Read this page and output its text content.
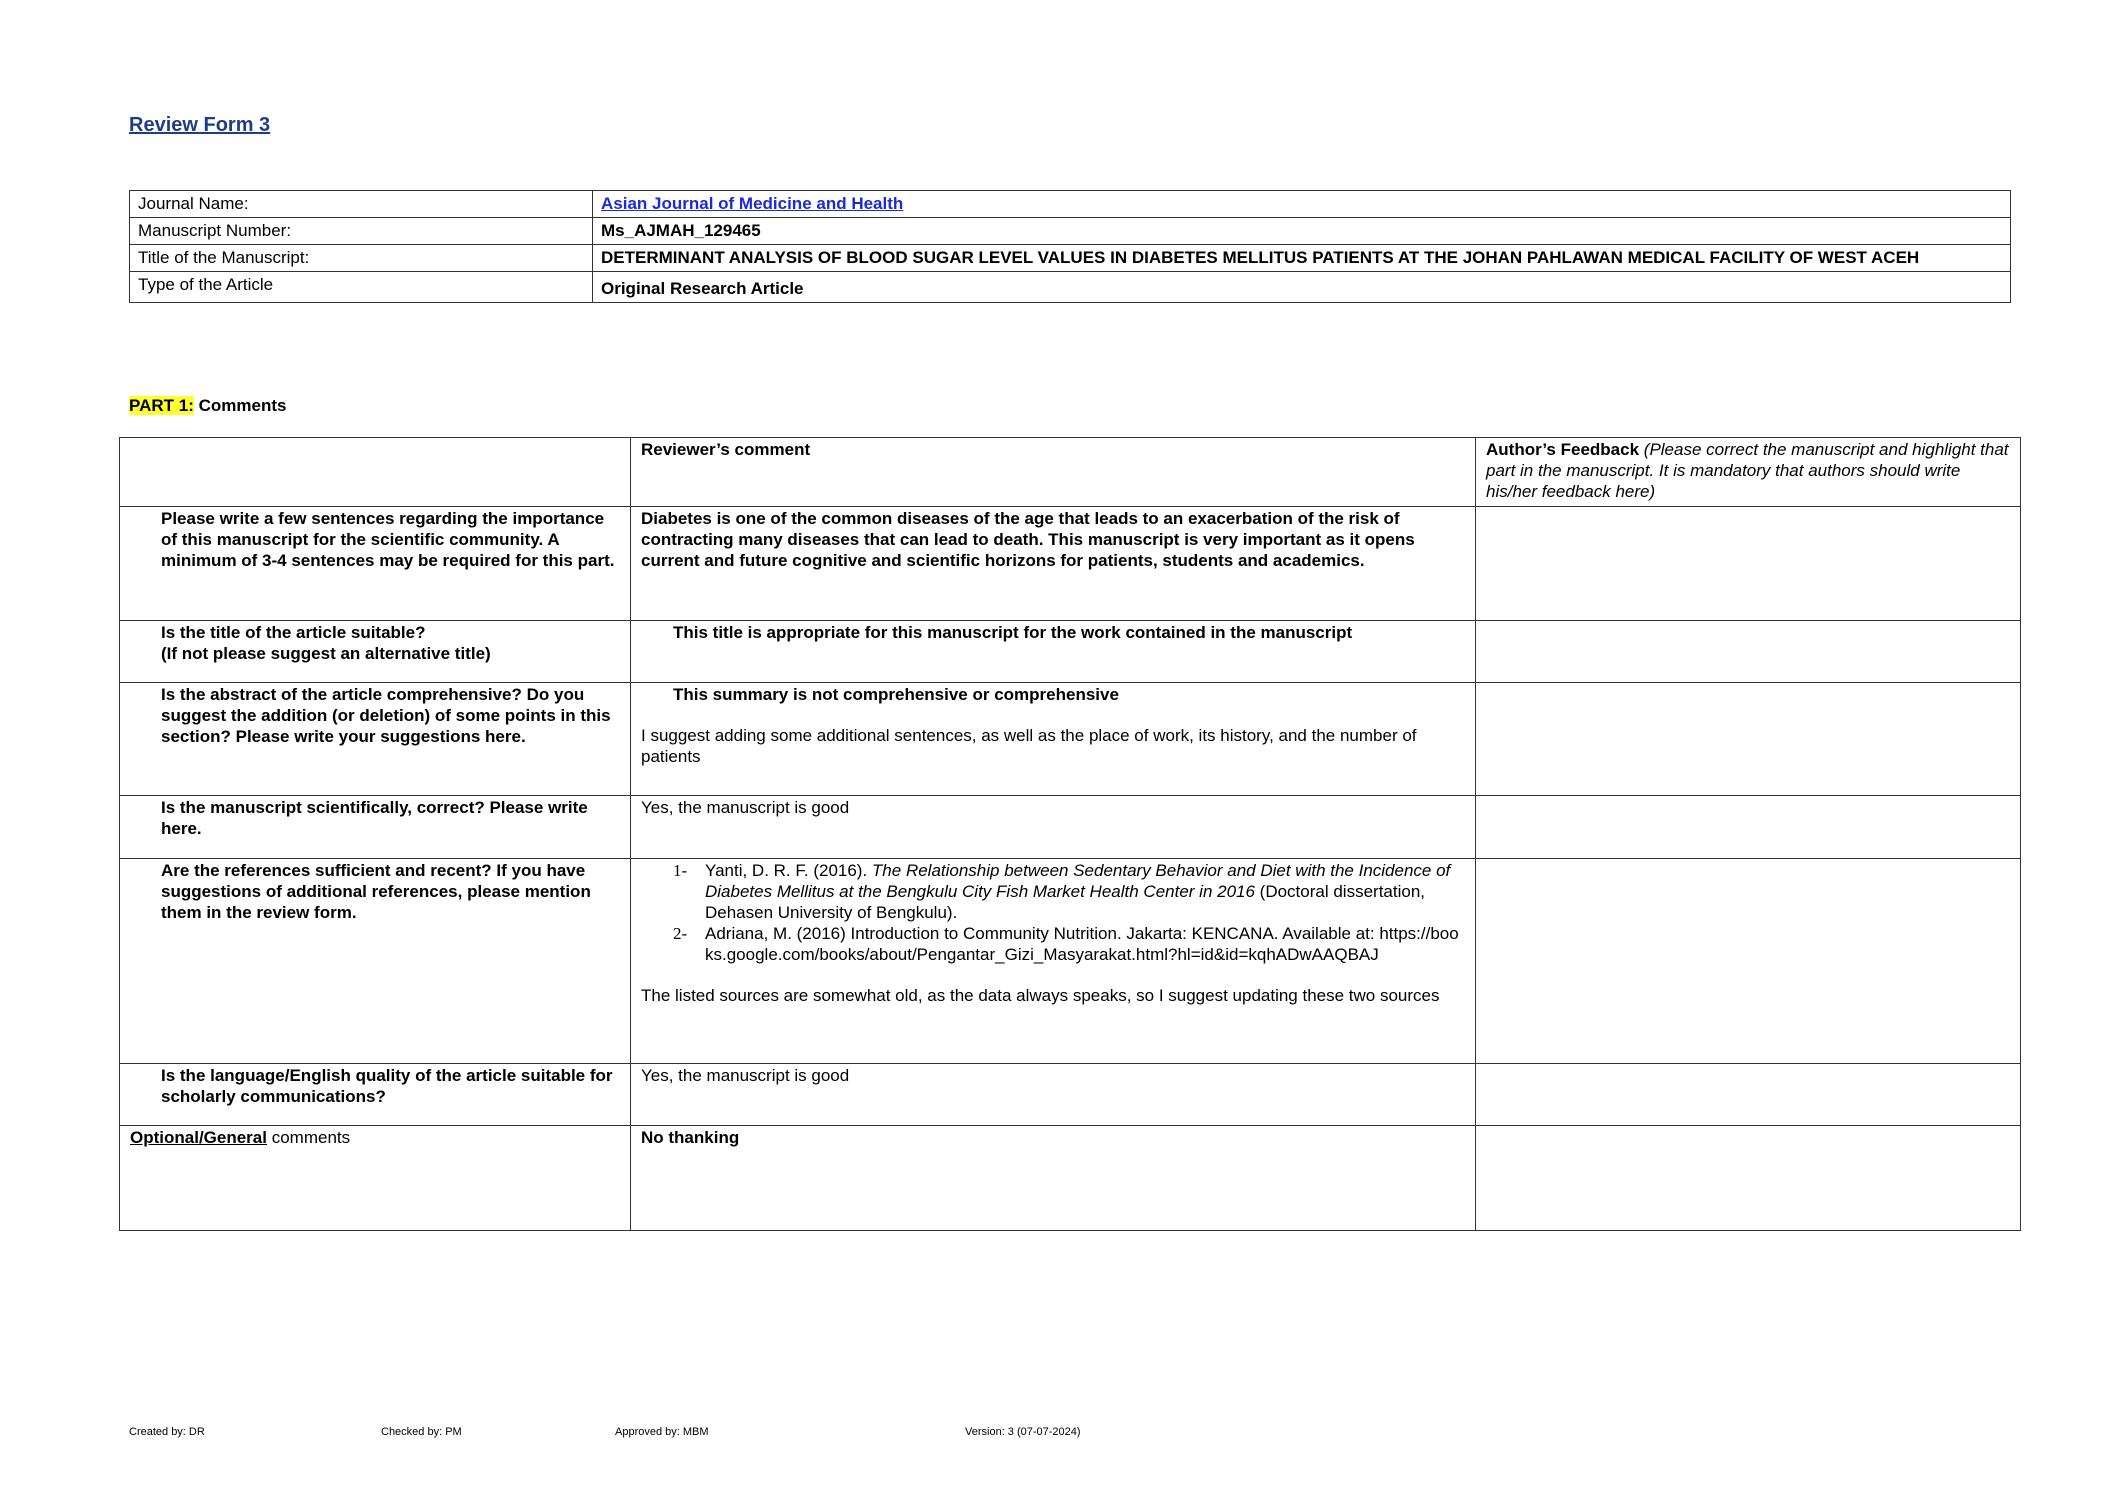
Review Form 3
Journal Name:	Asian Journal of Medicine and Health
Manuscript Number:	Ms_AJMAH_129465
Title of the Manuscript:	DETERMINANT ANALYSIS OF BLOOD SUGAR LEVEL VALUES IN DIABETES MELLITUS PATIENTS AT THE JOHAN PAHLAWAN MEDICAL FACILITY OF WEST ACEH
Type of the Article	Original Research Article
PART 1: Comments
	Reviewer’s comment	Author’s Feedback (Please correct the manuscript and highlight that part in the manuscript. It is mandatory that authors should write his/her feedback here)
Please write a few sentences regarding the importance of this manuscript for the scientific community. A minimum of 3-4 sentences may be required for this part.	Diabetes is one of the common diseases of the age that leads to an exacerbation of the risk of contracting many diseases that can lead to death. This manuscript is very important as it opens current and future cognitive and scientific horizons for patients, students and academics.	
Is the title of the article suitable?
(If not please suggest an alternative title)	This title is appropriate for this manuscript for the work contained in the manuscript	

Is the abstract of the article comprehensive? Do you suggest the addition (or deletion) of some points in this section? Please write your suggestions here.	This summary is not comprehensive or comprehensive
I suggest adding some additional sentences, as well as the place of work, its history, and the number of patients	
Is the manuscript scientifically, correct? Please write here.	Yes, the manuscript is good	
Are the references sufficient and recent? If you have suggestions of additional references, please mention them in the review form.	1- Yanti, D. R. F. (2016). The Relationship between Sedentary Behavior and Diet with the Incidence of Diabetes Mellitus at the Bengkulu City Fish Market Health Center in 2016 (Doctoral dissertation, Dehasen University of Bengkulu).
2- Adriana, M. (2016) Introduction to Community Nutrition. Jakarta: KENCANA. Available at: https://books.google.com/books/about/Pengantar_Gizi_Masyarakat.html?hl=id&id=kqhADwAAQBAJ
The listed sources are somewhat old, as the data always speaks, so I suggest updating these two sources	
Is the language/English quality of the article suitable for scholarly communications?	Yes, the manuscript is good	
Optional/General comments	No thanking	
Created by: DR	Checked by: PM	Approved by: MBM	Version: 3 (07-07-2024)
